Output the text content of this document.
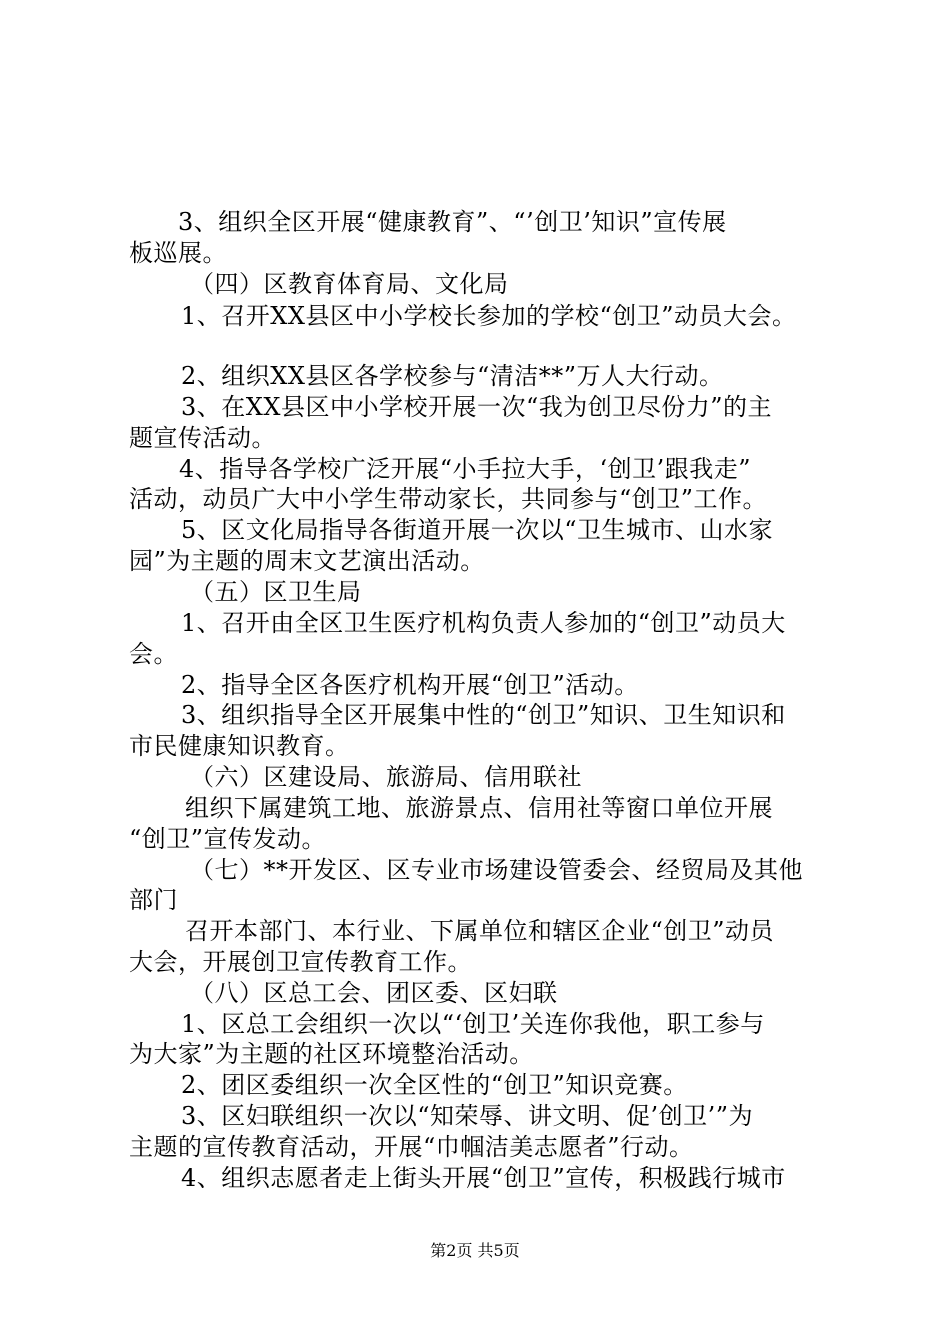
3、组织全区开展“健康教育”、“’创卫’知识”宣传展
板巡展。
（四）区教育体育局、文化局
1、召开XX县区中小学校长参加的学校“创卫”动员大会。
2、组织XX县区各学校参与“清洁**”万人大行动。
3、在XX县区中小学校开展一次“我为创卫尽份力”的主
题宣传活动。
4、指导各学校广泛开展“小手拉大手，‘创卫’跟我走”
活动，动员广大中小学生带动家长，共同参与“创卫”工作。
5、区文化局指导各街道开展一次以“卫生城市、山水家
园”为主题的周末文艺演出活动。
（五）区卫生局
1、召开由全区卫生医疗机构负责人参加的“创卫”动员大
会。
2、指导全区各医疗机构开展“创卫”活动。
3、组织指导全区开展集中性的“创卫”知识、卫生知识和
市民健康知识教育。
（六）区建设局、旅游局、信用联社
组织下属建筑工地、旅游景点、信用社等窗口单位开展
“创卫”宣传发动。
（七）**开发区、区专业市场建设管委会、经贸局及其他
部门
召开本部门、本行业、下属单位和辖区企业“创卫”动员
大会，开展创卫宣传教育工作。
（八）区总工会、团区委、区妇联
1、区总工会组织一次以“‘创卫’关连你我他，职工参与
为大家”为主题的社区环境整治活动。
2、团区委组织一次全区性的“创卫”知识竞赛。
3、区妇联组织一次以“知荣辱、讲文明、促’创卫’”为
主题的宣传教育活动，开展“巾帼洁美志愿者”行动。
4、组织志愿者走上街头开展“创卫”宣传，积极践行城市
第2页 共5页
